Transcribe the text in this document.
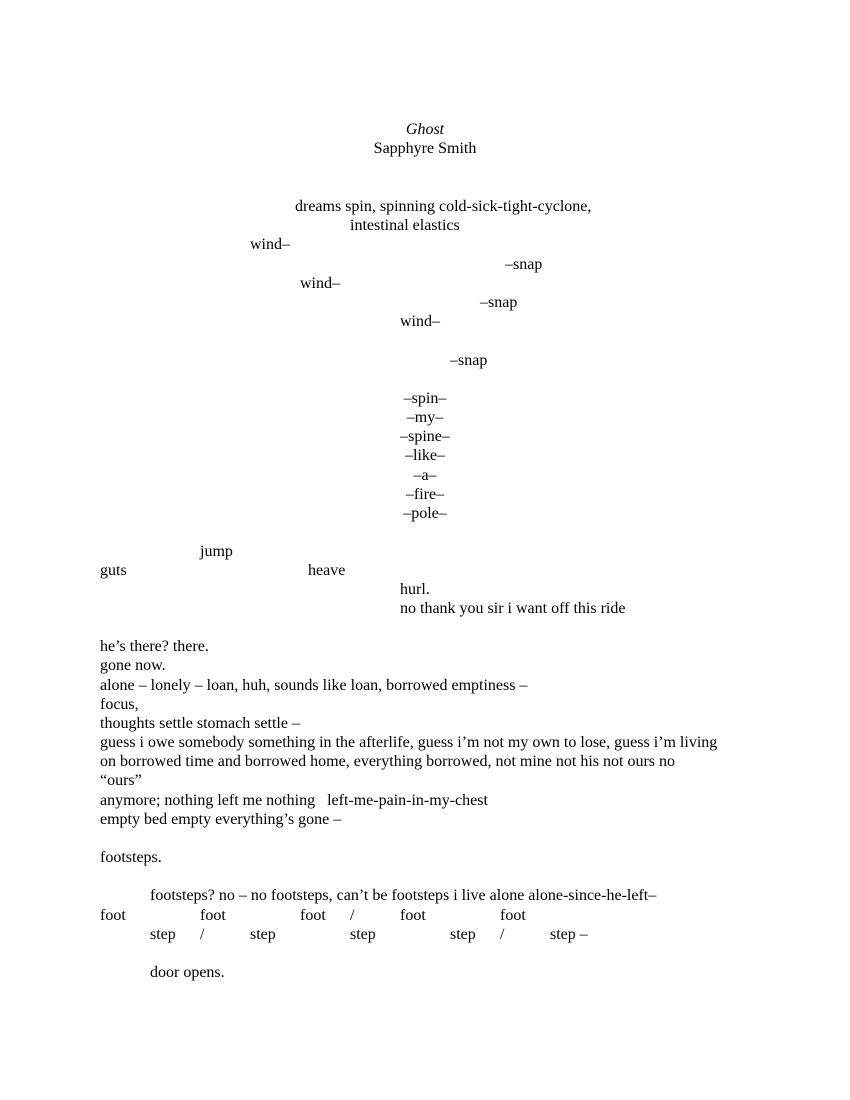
Ghost
Sapphyre Smith
dreams spin, spinning cold-sick-tight-cyclone,
intestinal elastics
wind–
–snap
wind–
–snap
wind–
–snap
–spin–
–my–
–spine–
–like–
–a–
–fire–
–pole–
jump
guts	heave
hurl.
no thank you sir i want off this ride
he’s there? there.
gone now.
alone – lonely – loan, huh, sounds like loan, borrowed emptiness –
focus,
thoughts settle stomach settle –
guess i owe somebody something in the afterlife, guess i’m not my own to lose, guess i’m living
on borrowed time and borrowed home, everything borrowed, not mine not his not ours no
“ours”
anymore; nothing left me nothing   left-me-pain-in-my-chest
empty bed empty everything’s gone –
footsteps.
footsteps? no – no footsteps, can’t be footsteps i live alone alone-since-he-left–
foot	foot	foot /	foot	foot
step /	step	step	step /	step –
door opens.
